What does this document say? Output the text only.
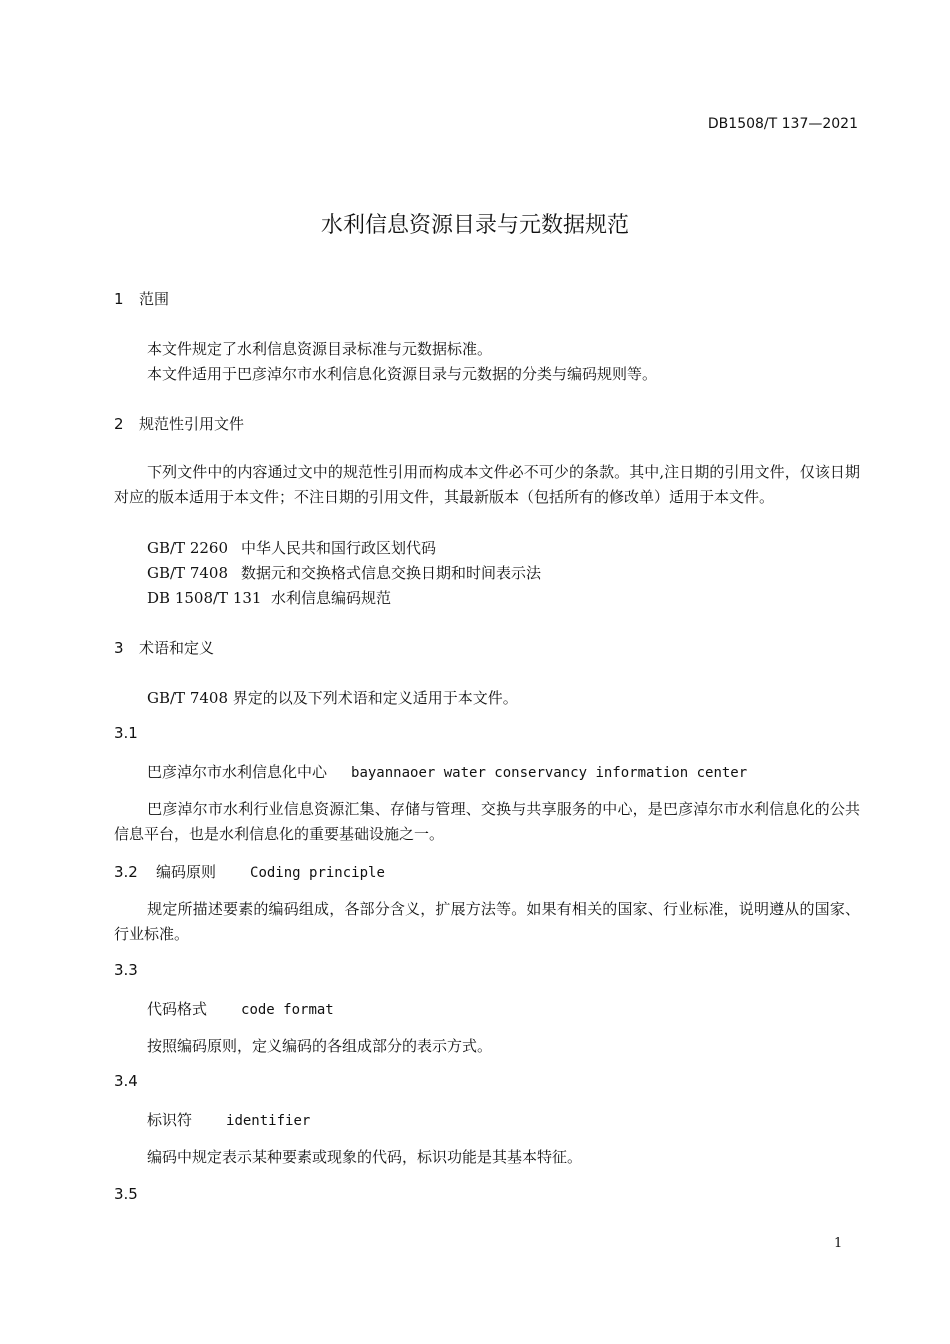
DB1508/T 137—2021
水利信息资源目录与元数据规范
1 范围
本文件规定了水利信息资源目录标准与元数据标准。
本文件适用于巴彦淖尔市水利信息化资源目录与元数据的分类与编码规则等。
2 规范性引用文件
下列文件中的内容通过文中的规范性引用而构成本文件必不可少的条款。其中,注日期的引用文件，仅该日期对应的版本适用于本文件；不注日期的引用文件，其最新版本（包括所有的修改单）适用于本文件。
GB/T 2260 中华人民共和国行政区划代码
GB/T 7408 数据元和交换格式信息交换日期和时间表示法
DB 1508/T 131 水利信息编码规范
3 术语和定义
GB/T 7408 界定的以及下列术语和定义适用于本文件。
3.1
巴彦淖尔市水利信息化中心 bayannaoer water conservancy information center
巴彦淖尔市水利行业信息资源汇集、存储与管理、交换与共享服务的中心，是巴彦淖尔市水利信息化的公共信息平台，也是水利信息化的重要基础设施之一。
3.2 编码原则 Coding principle
规定所描述要素的编码组成，各部分含义，扩展方法等。如果有相关的国家、行业标准，说明遵从的国家、行业标准。
3.3
代码格式 code format
按照编码原则，定义编码的各组成部分的表示方式。
3.4
标识符 identifier
编码中规定表示某种要素或现象的代码，标识功能是其基本特征。
3.5
1
